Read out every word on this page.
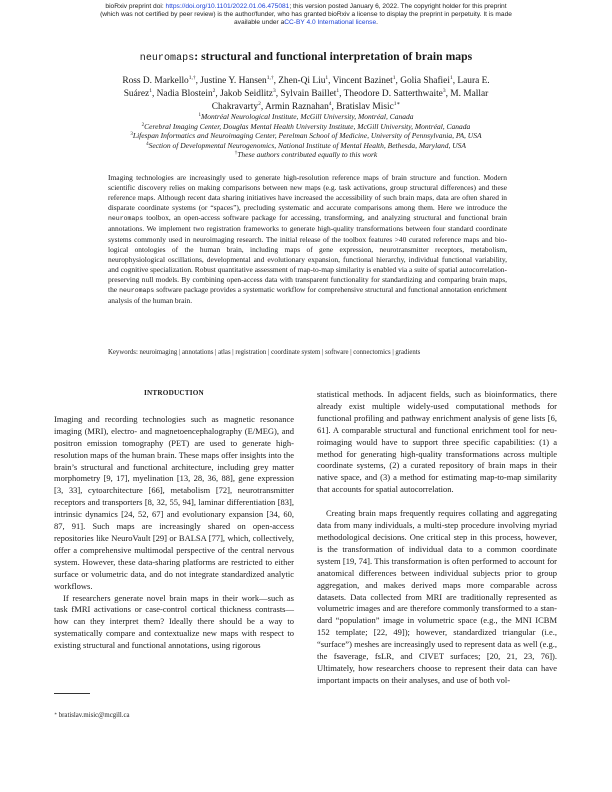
bioRxiv preprint doi: https://doi.org/10.1101/2022.01.06.475081; this version posted January 6, 2022. The copyright holder for this preprint
(which was not certified by peer review) is the author/funder, who has granted bioRxiv a license to display the preprint in perpetuity. It is made
available under aCC-BY 4.0 International license.
neuromaps: structural and functional interpretation of brain maps
Ross D. Markello$^{1,\dagger}$, Justine Y. Hansen$^{1,\dagger}$, Zhen-Qi Liu$^1$, Vincent Bazinet$^1$, Golia Shafiei$^1$, Laura E. Suárez$^1$, Nadia Blostein$^2$, Jakob Seidlitz$^3$, Sylvain Baillet$^1$, Theodore D. Satterthwaite$^3$, M. Mallar Chakravarty$^2$, Armin Raznahan$^4$, Bratislav Misic$^{1∗}$
$^1$Montréal Neurological Institute, McGill University, Montréal, Canada
$^2$Cerebral Imaging Center, Douglas Mental Health University Institute, McGill University, Montréal, Canada
$^3$Lifespan Informatics and Neuroimaging Center, Perelman School of Medicine, University of Pennsylvania, PA, USA
$^4$Section of Developmental Neurogenomics, National Institute of Mental Health, Bethesda, Maryland, USA
†These authors contributed equally to this work
Imaging technologies are increasingly used to generate high-resolution reference maps of brain structure and function. Modern scientific discovery relies on making comparisons between new maps (e.g. task activations, group structural differences) and these reference maps. Although recent data sharing initiatives have increased the accessibility of such brain maps, data are often shared in disparate coordinate systems (or “spaces”), precluding systematic and accurate comparisons among them. Here we introduce the neuromaps toolbox, an open-access software package for accessing, transforming, and analyzing structural and functional brain annotations. We implement two registration frameworks to generate high-quality transformations between four standard coordinate systems commonly used in neuroimaging research. The initial release of the toolbox features >40 curated reference maps and biological ontologies of the human brain, including maps of gene expression, neurotransmitter receptors, metabolism, neurophysiological oscillations, developmental and evolutionary expansion, functional hierarchy, individual functional variability, and cognitive specialization. Robust quantitative assessment of map-to-map similarity is enabled via a suite of spatial autocorrelation-preserving null models. By combining open-access data with transparent functionality for standardizing and comparing brain maps, the neuromaps software package provides a systematic workflow for comprehensive structural and functional annotation enrichment analysis of the human brain.
Keywords: neuroimaging | annotations | atlas | registration | coordinate system | software | connectomics | gradients
INTRODUCTION

Imaging and recording technologies such as magnetic resonance imaging (MRI), electro- and magnetoencephalography (E/MEG), and positron emission tomography (PET) are used to generate high-resolution maps of the human brain. These maps offer insights into the brain’s structural and functional architecture, including grey matter morphometry [9, 17], myelination [13, 28, 36, 88], gene expression [3, 33], cytoarchitecture [66], metabolism [72], neurotransmitter receptors and transporters [8, 32, 55, 94], laminar differentiation [83], intrinsic dynamics [24, 52, 67] and evolutionary expansion [34, 60, 87, 91]. Such maps are increasingly shared on open-access repositories like NeuroVault [29] or BALSA [77], which, collectively, offer a comprehensive multimodal perspective of the central nervous system. However, these data-sharing platforms are restricted to either surface or volumetric data, and do not integrate standardized analytic workflows.

If researchers generate novel brain maps in their work—such as task fMRI activations or case-control cortical thickness contrasts—how can they interpret them? Ideally there should be a way to systematically compare and contextualize new maps with respect to existing structural and functional annotations, using rigorous

statistical methods. In adjacent fields, such as bioinformatics, there already exist multiple widely-used computational methods for functional profiling and pathway enrichment analysis of gene lists [6, 61]. A comparable structural and functional enrichment tool for neuroimaging would have to support three specific capabilities: (1) a method for generating high-quality transformations across multiple coordinate systems, (2) a curated repository of brain maps in their native space, and (3) a method for estimating map-to-map similarity that accounts for spatial autocorrelation.

Creating brain maps frequently requires collating and aggregating data from many individuals, a multi-step procedure involving myriad methodological decisions. One critical step in this process, however, is the transformation of individual data to a common coordinate system [19, 74]. This transformation is often performed to account for anatomical differences between individual subjects prior to group aggregation, and makes derived maps more comparable across datasets. Data collected from MRI are traditionally represented as volumetric images and are therefore commonly transformed to a standard “population” image in volumetric space (e.g., the MNI ICBM 152 template; [22, 49]); however, standardized triangular (i.e., “surface”) meshes are increasingly used to represent data as well (e.g., the fsaverage, fsLR, and CIVET surfaces; [20, 21, 23, 76]). Ultimately, how researchers choose to represent their data can have important impacts on their analyses, and use of both vol-

∗ bratislav.misic@mcgill.ca
